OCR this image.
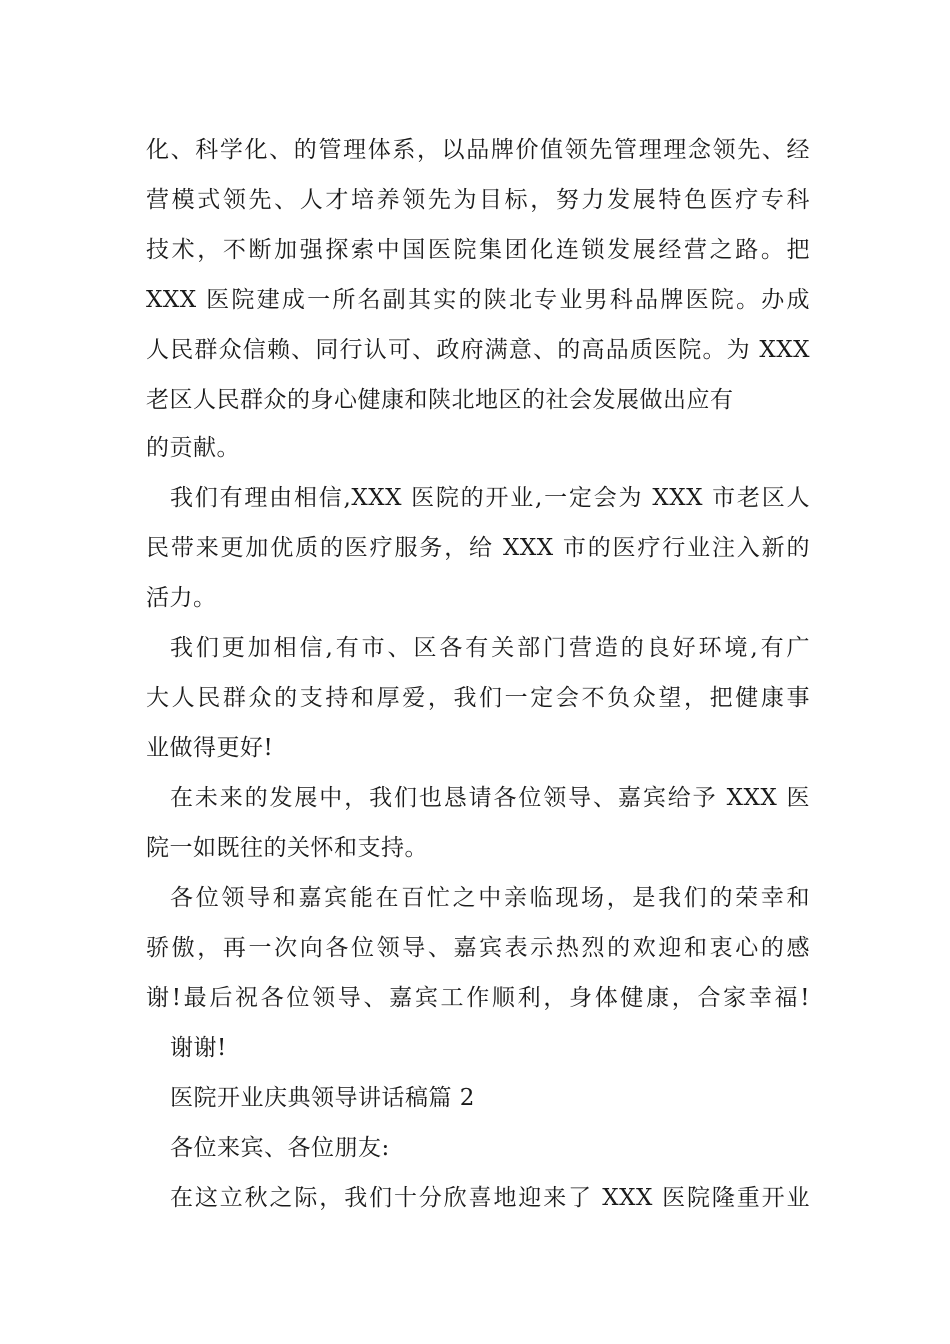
化、科学化、的管理体系，以品牌价值领先管理理念领先、经
营模式领先、人才培养领先为目标，努力发展特色医疗专科
技术，不断加强探索中国医院集团化连锁发展经营之路。把
XXX 医院建成一所名副其实的陕北专业男科品牌医院。办成
人民群众信赖、同行认可、政府满意、的高品质医院。为 XXX
老区人民群众的身心健康和陕北地区的社会发展做出应有
的贡献。
我们有理由相信,XXX 医院的开业,一定会为 XXX 市老区人
民带来更加优质的医疗服务，给 XXX 市的医疗行业注入新的
活力。
我们更加相信,有市、区各有关部门营造的良好环境,有广
大人民群众的支持和厚爱，我们一定会不负众望，把健康事
业做得更好!
在未来的发展中，我们也恳请各位领导、嘉宾给予 XXX 医
院一如既往的关怀和支持。
各位领导和嘉宾能在百忙之中亲临现场，是我们的荣幸和
骄傲，再一次向各位领导、嘉宾表示热烈的欢迎和衷心的感
谢!最后祝各位领导、嘉宾工作顺利，身体健康，合家幸福!
谢谢!
医院开业庆典领导讲话稿篇 2
各位来宾、各位朋友:
在这立秋之际，我们十分欣喜地迎来了 XXX 医院隆重开业
